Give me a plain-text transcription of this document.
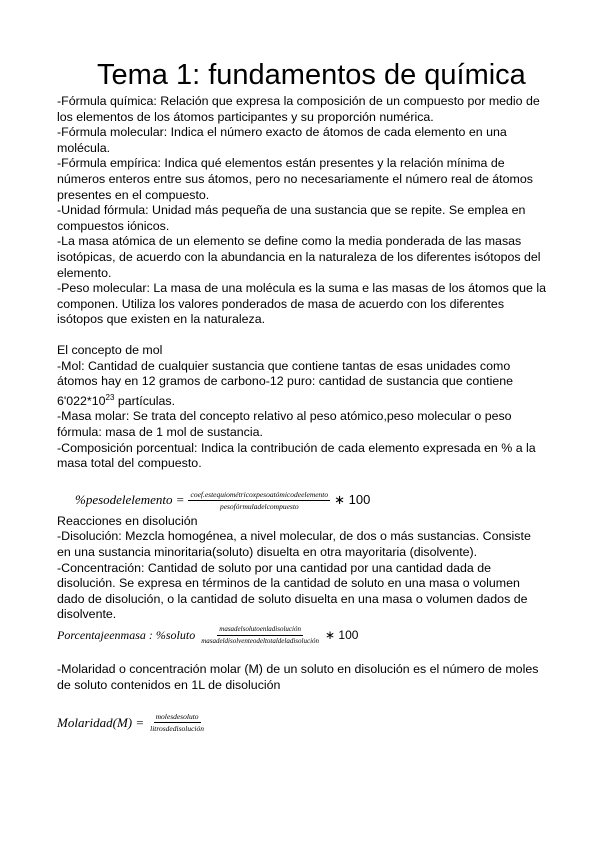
Tema 1: fundamentos de química

-Fórmula química: Relación que expresa la composición de un compuesto por medio de los elementos de los átomos participantes y su proporción numérica.

-Fórmula molecular: Indica el número exacto de átomos de cada elemento en una molécula.

-Fórmula empírica: Indica qué elementos están presentes y la relación mínima de números enteros entre sus átomos, pero no necesariamente el número real de átomos presentes en el compuesto.

-Unidad fórmula: Unidad más pequeña de una sustancia que se repite. Se emplea en compuestos iónicos.

-La masa atómica de un elemento se define como la media ponderada de las masas isotópicas, de acuerdo con la abundancia en la naturaleza de los diferentes isótopos del elemento.

-Peso molecular: La masa de una molécula es la suma e las masas de los átomos que la componen. Utiliza los valores ponderados de masa de acuerdo con los diferentes isótopos que existen en la naturaleza.

El concepto de mol

-Mol: Cantidad de cualquier sustancia que contiene tantas de esas unidades como átomos hay en 12 gramos de carbono-12 puro: cantidad de sustancia que contiene $6'022*10^{23}$ partículas.

-Masa molar: Se trata del concepto relativo al peso atómico,peso molecular o peso fórmula: masa de 1 mol de sustancia.

-Composición porcentual: Indica la contribución de cada elemento expresada en % a la masa total del compuesto.

%pesodelelemento = $\frac{\text{coef.estequiométricoxpesoatómicodeelemento}}{\text{pesofórmuladelcompuesto}}$ ∗ 100

Reacciones en disolución

-Disolución: Mezcla homogénea, a nivel molecular, de dos o más sustancias. Consiste en una sustancia minoritaria(soluto) disuelta en otra mayoritaria (disolvente).

-Concentración: Cantidad de soluto por una cantidad por una cantidad dada de disolución. Se expresa en términos de la cantidad de soluto en una masa o volumen dado de disolución, o la cantidad de soluto disuelta en una masa o volumen dados de disolvente.

Porcentajeenmasa : %soluto $\frac{\text{masadelsolutoenladisolución}}{\text{masadeldisolventeodeltotaldeladisolución}}$ ∗ 100

-Molaridad o concentración molar (M) de un soluto en disolución es el número de moles de soluto contenidos en 1L de disolución

Molaridad(M) = $\frac{\text{molesdesoluto}}{\text{litrosdedisolución}}$
